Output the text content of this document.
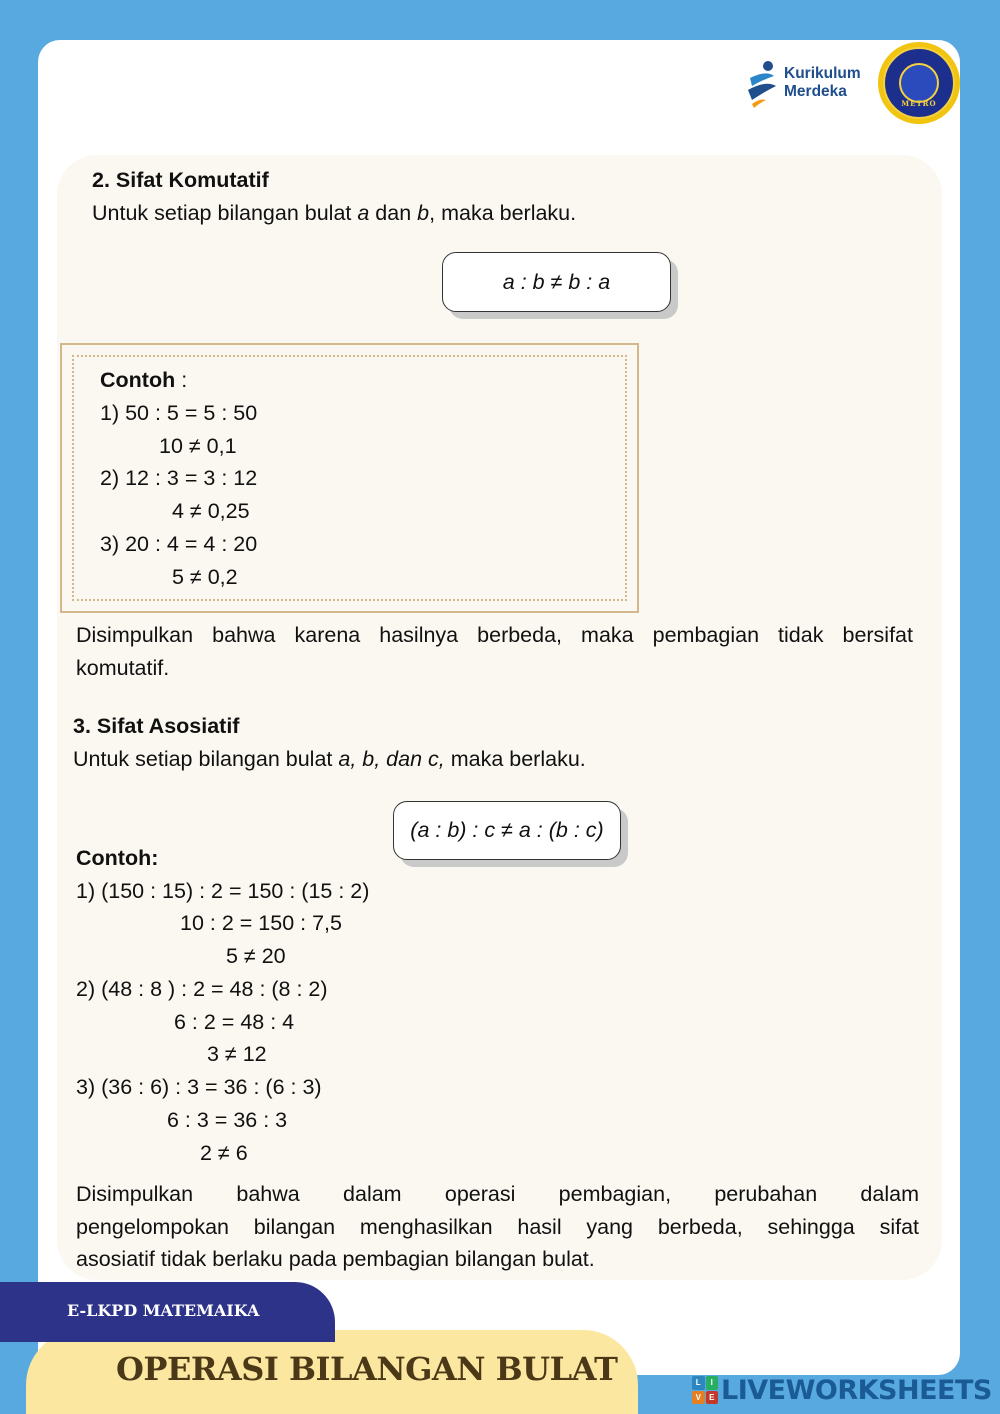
Kurikulum
Merdeka
METRO
2. Sifat Komutatif
Untuk setiap bilangan bulat a dan b, maka berlaku.
a : b ≠ b : a
Contoh :
1) 50 : 5 = 5 : 50
10 ≠ 0,1
2) 12 : 3 = 3 : 12
4 ≠ 0,25
3) 20 : 4 = 4 : 20
5 ≠ 0,2
Disimpulkan bahwa karena hasilnya berbeda, maka pembagian tidak bersifat
komutatif.
3. Sifat Asosiatif
Untuk setiap bilangan bulat a, b, dan c, maka berlaku.
(a : b) : c ≠ a : (b : c)
Contoh:
1) (150 : 15) : 2 = 150 : (15 : 2)
10 : 2 = 150 : 7,5
5 ≠ 20
2) (48 : 8 ) : 2 = 48 : (8 : 2)
6 : 2 = 48 : 4
3 ≠ 12
3) (36 : 6) : 3 = 36 : (6 : 3)
6 : 3 = 36 : 3
2 ≠ 6
Disimpulkan bahwa dalam operasi pembagian, perubahan dalam
pengelompokan bilangan menghasilkan hasil yang berbeda, sehingga sifat
asosiatif tidak berlaku pada pembagian bilangan bulat.
OPERASI BILANGAN BULAT
E-LKPD MATEMAIKA
L	I
V	E LIVEWORKSHEETS
